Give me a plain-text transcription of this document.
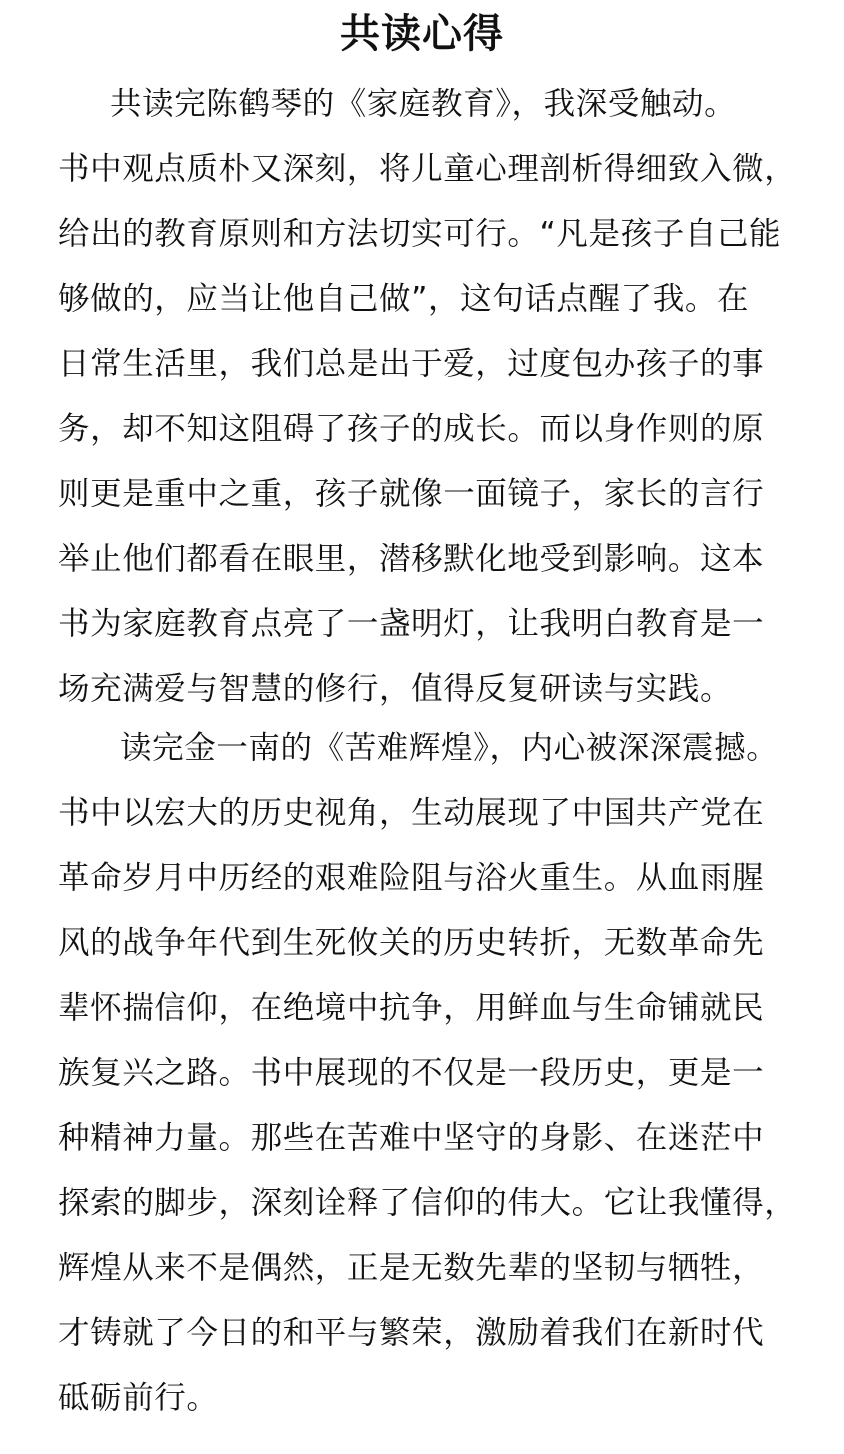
共读心得
共读完陈鹤琴的《家庭教育》，我深受触动。
书中观点质朴又深刻，将儿童心理剖析得细致入微，
给出的教育原则和方法切实可行。“凡是孩子自己能
够做的，应当让他自己做”，这句话点醒了我。在
日常生活里，我们总是出于爱，过度包办孩子的事
务，却不知这阻碍了孩子的成长。而以身作则的原
则更是重中之重，孩子就像一面镜子，家长的言行
举止他们都看在眼里，潜移默化地受到影响。这本
书为家庭教育点亮了一盏明灯，让我明白教育是一
场充满爱与智慧的修行，值得反复研读与实践。
读完金一南的《苦难辉煌》，内心被深深震撼。
书中以宏大的历史视角，生动展现了中国共产党在
革命岁月中历经的艰难险阻与浴火重生。从血雨腥
风的战争年代到生死攸关的历史转折，无数革命先
辈怀揣信仰，在绝境中抗争，用鲜血与生命铺就民
族复兴之路。书中展现的不仅是一段历史，更是一
种精神力量。那些在苦难中坚守的身影、在迷茫中
探索的脚步，深刻诠释了信仰的伟大。它让我懂得，
辉煌从来不是偶然，正是无数先辈的坚韧与牺牲，
才铸就了今日的和平与繁荣，激励着我们在新时代
砥砺前行。
